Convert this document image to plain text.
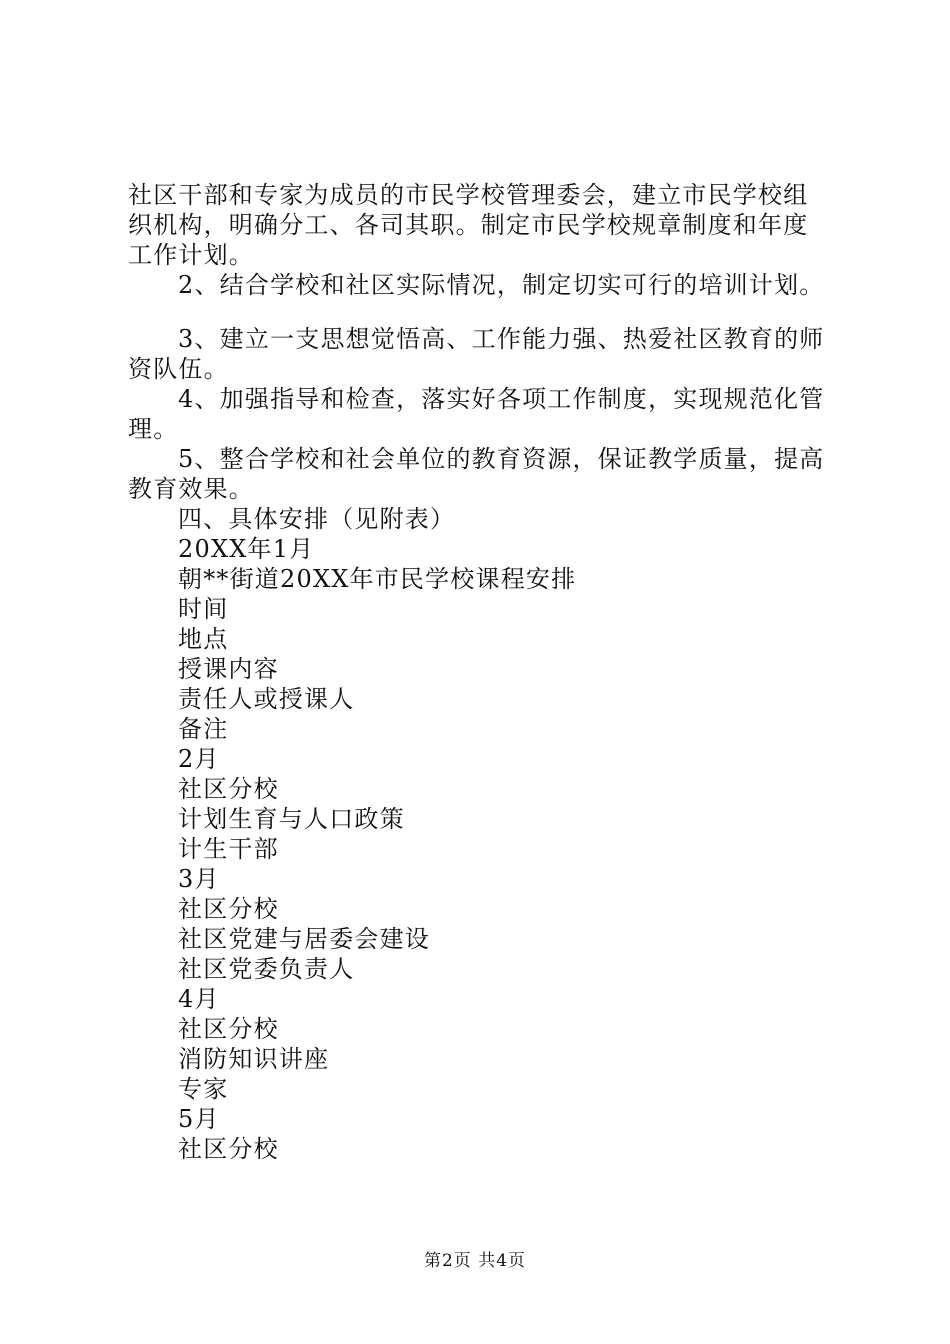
社区干部和专家为成员的市民学校管理委会，建立市民学校组
织机构，明确分工、各司其职。制定市民学校规章制度和年度
工作计划。
2、结合学校和社区实际情况，制定切实可行的培训计划。
3、建立一支思想觉悟高、工作能力强、热爱社区教育的师
资队伍。
4、加强指导和检查，落实好各项工作制度，实现规范化管
理。
5、整合学校和社会单位的教育资源，保证教学质量，提高
教育效果。
四、具体安排（见附表）
20XX年1月
朝**街道20XX年市民学校课程安排
时间
地点
授课内容
责任人或授课人
备注
2月
社区分校
计划生育与人口政策
计生干部
3月
社区分校
社区党建与居委会建设
社区党委负责人
4月
社区分校
消防知识讲座
专家
5月
社区分校
第2页 共4页
